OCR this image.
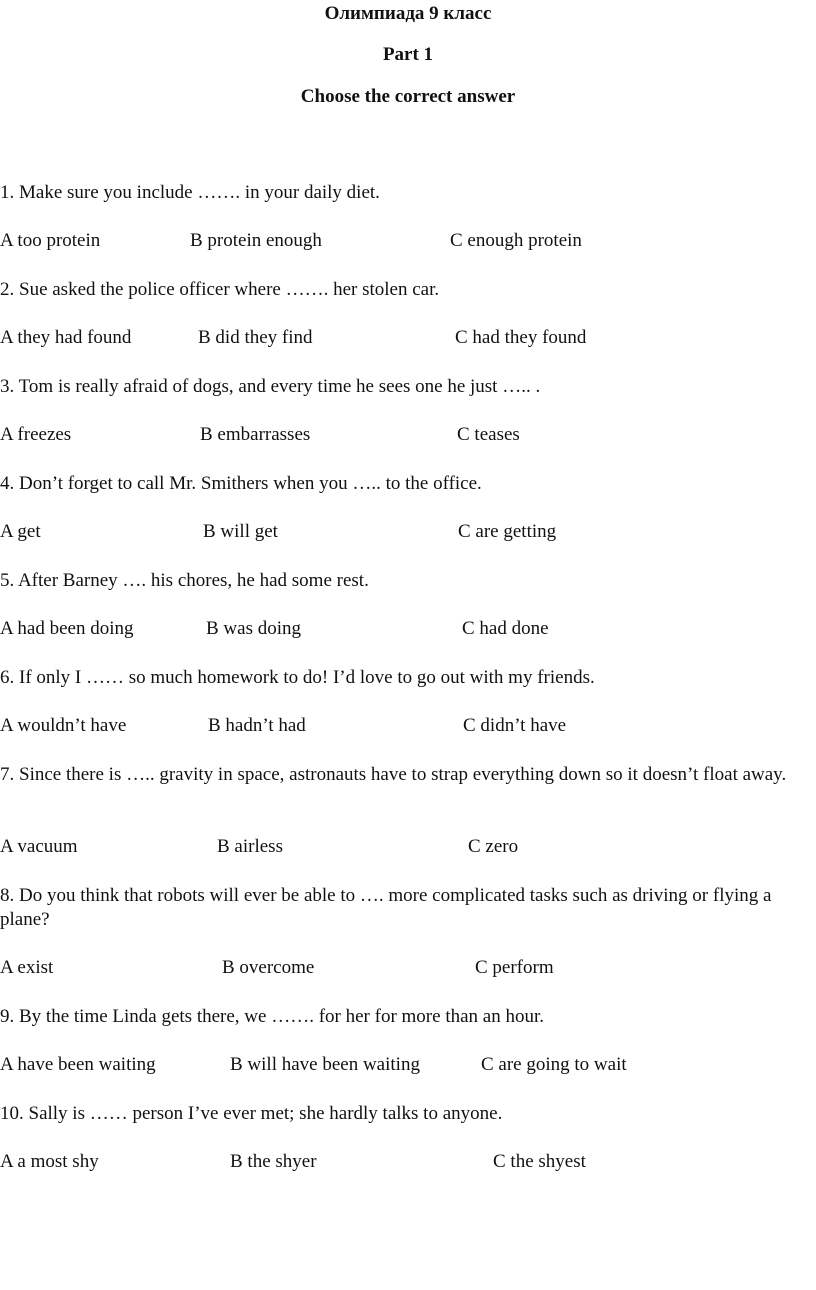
Олимпиада 9 класс
Part 1
Choose the correct answer
1. Make sure you include ……. in your daily diet.
A too protein	B protein enough	C enough protein
2. Sue asked the police officer where ……. her stolen car.
A they had found	B did they find	C had they found
3. Tom is really afraid of dogs, and every time he sees one he just ….. .
A freezes	B embarrasses	C teases
4. Don’t forget to call Mr. Smithers when you ….. to the office.
A get	B will get	C are getting
5. After Barney …. his chores, he had some rest.
A had been doing	B was doing	C had done
6. If only I …… so much homework to do! I’d love to go out with my friends.
A wouldn’t have	B hadn’t had	C didn’t have
7. Since there is ….. gravity in space, astronauts have to strap everything down so it doesn’t float away.
A vacuum	B airless	C zero
8. Do you think that robots will ever be able to …. more complicated tasks such as driving or flying a plane?
A exist	B overcome	C perform
9. By the time Linda gets there, we ……. for her for more than an hour.
A have been waiting	B will have been waiting	C are going to wait
10. Sally is …… person I’ve ever met; she hardly talks to anyone.
A a most shy	B the shyer	C the shyest
